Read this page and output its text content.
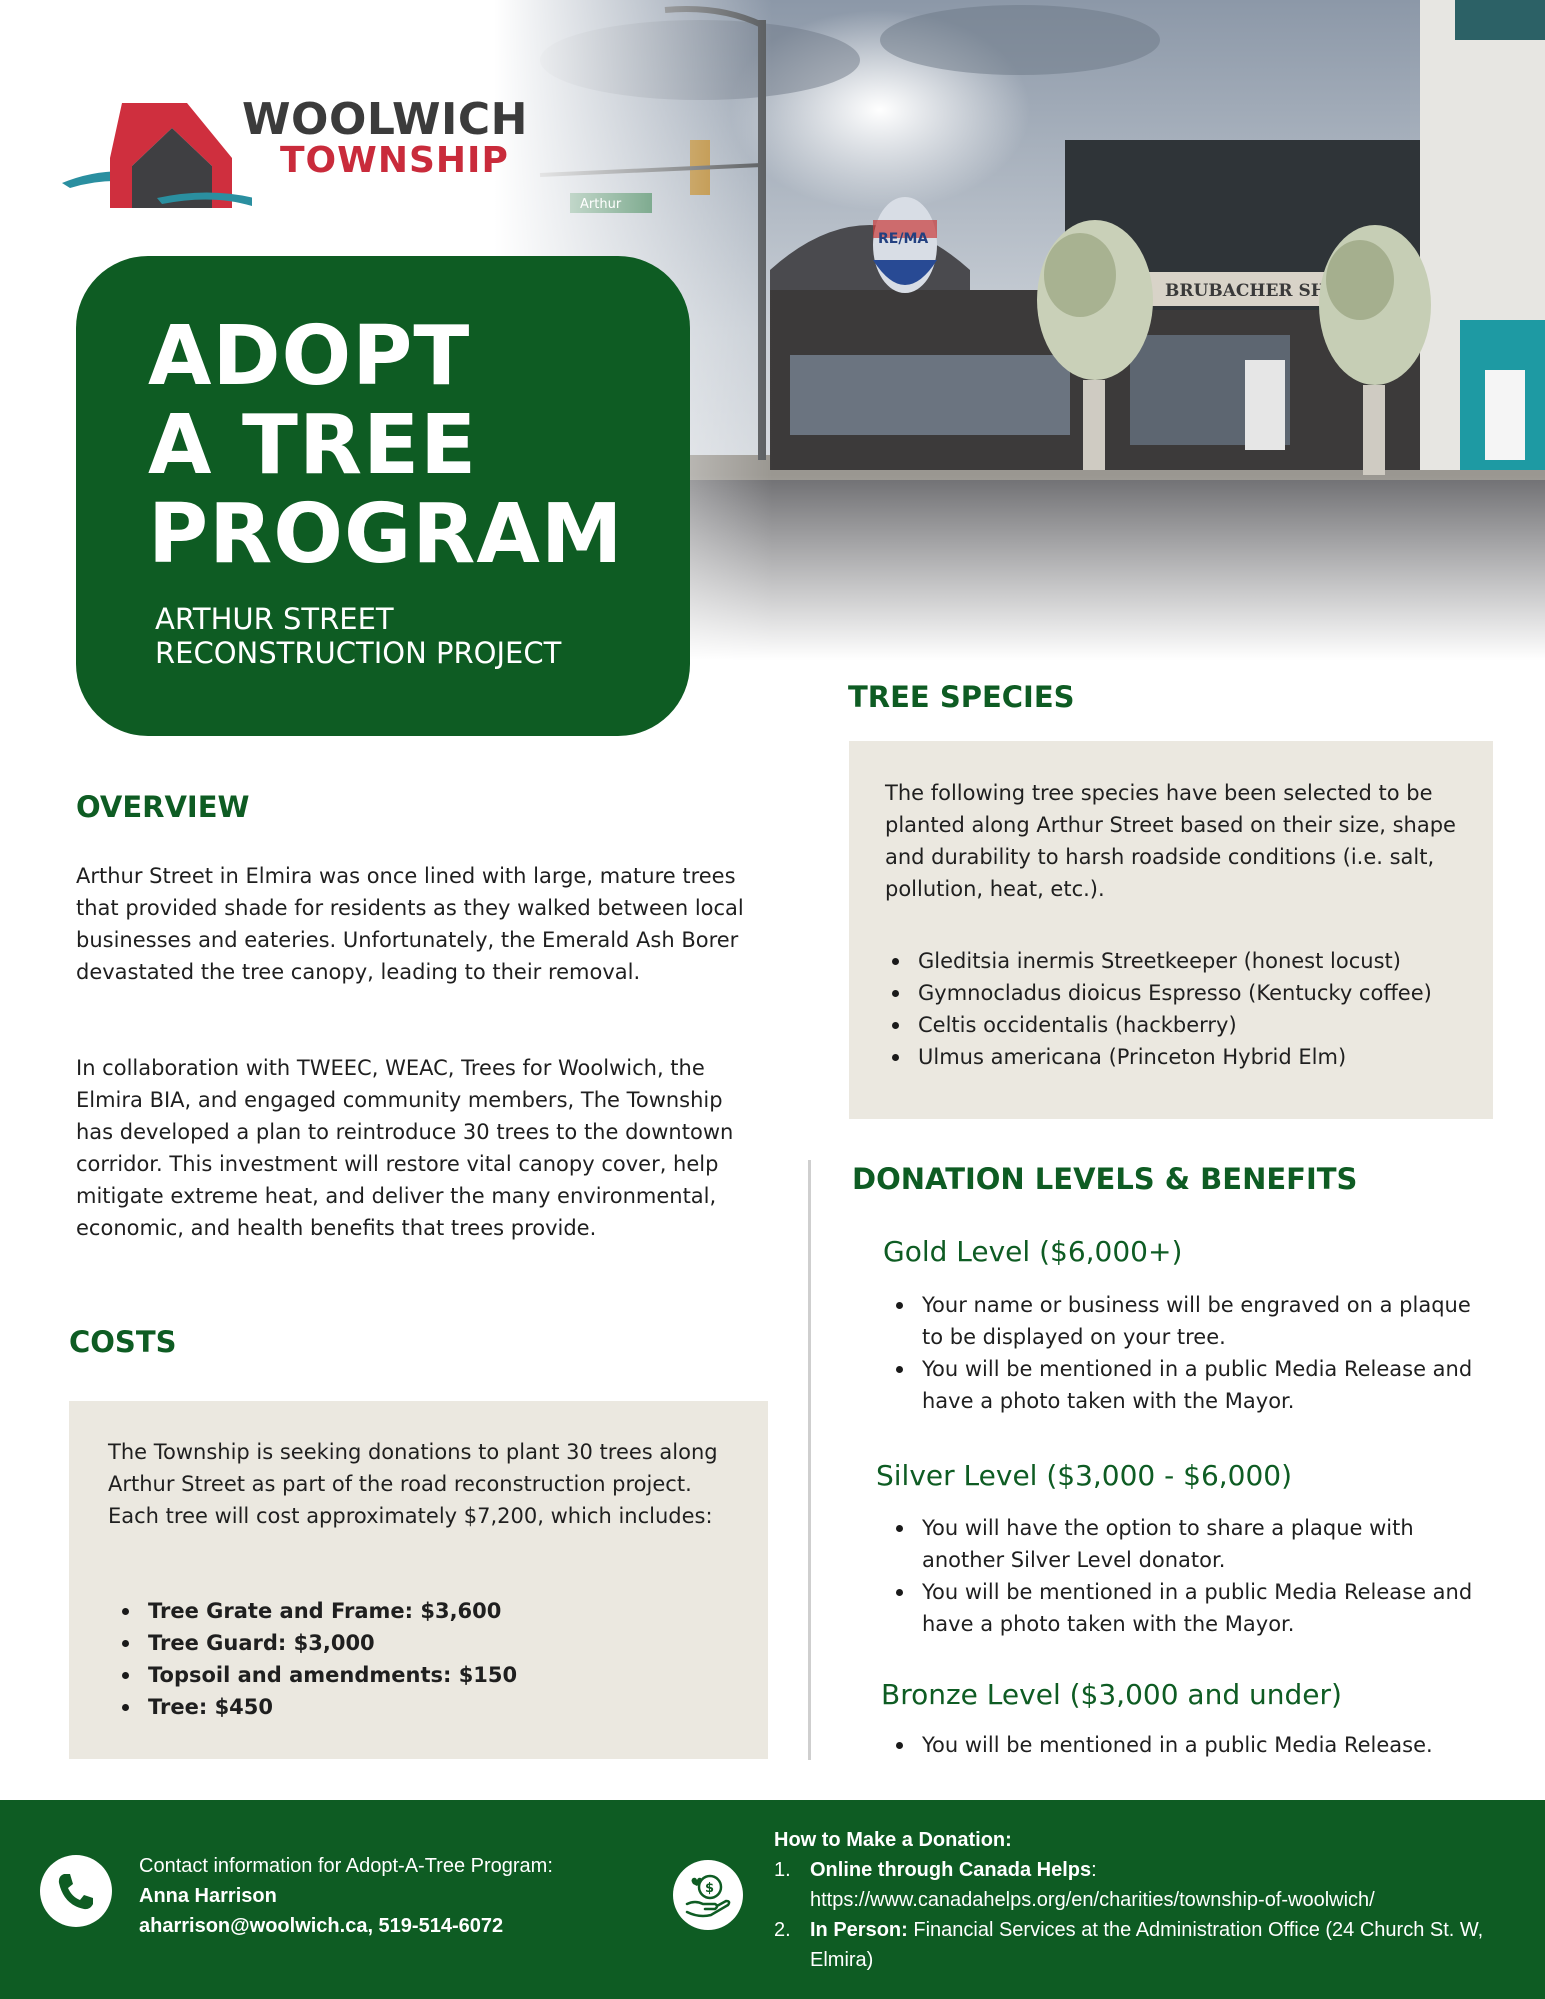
WOOLWICH
TOWNSHIP
ADOPT
A TREE
PROGRAM
ARTHUR STREET
RECONSTRUCTION PROJECT
OVERVIEW
Arthur Street in Elmira was once lined with large, mature trees that provided shade for residents as they walked between local businesses and eateries. Unfortunately, the Emerald Ash Borer devastated the tree canopy, leading to their removal.
In collaboration with TWEEC, WEAC, Trees for Woolwich, the Elmira BIA, and engaged community members, The Township has developed a plan to reintroduce 30 trees to the downtown corridor. This investment will restore vital canopy cover, help mitigate extreme heat, and deliver the many environmental, economic, and health benefits that trees provide.
COSTS
The Township is seeking donations to plant 30 trees along Arthur Street as part of the road reconstruction project. Each tree will cost approximately $7,200, which includes:
Tree Grate and Frame: $3,600
Tree Guard: $3,000
Topsoil and amendments: $150
Tree: $450
TREE SPECIES
The following tree species have been selected to be planted along Arthur Street based on their size, shape and durability to harsh roadside conditions (i.e. salt, pollution, heat, etc.).
Gleditsia inermis Streetkeeper (honest locust)
Gymnocladus dioicus Espresso (Kentucky coffee)
Celtis occidentalis (hackberry)
Ulmus americana (Princeton Hybrid Elm)
DONATION LEVELS & BENEFITS
Gold Level ($6,000+)
Your name or business will be engraved on a plaque to be displayed on your tree.
You will be mentioned in a public Media Release and have a photo taken with the Mayor.
Silver Level ($3,000 - $6,000)
You will have the option to share a plaque with another Silver Level donator.
You will be mentioned in a public Media Release and have a photo taken with the Mayor.
Bronze Level ($3,000 and under)
You will be mentioned in a public Media Release.
Contact information for Adopt-A-Tree Program:
Anna Harrison
aharrison@woolwich.ca, 519-514-6072
$
How to Make a Donation:
1. Online through Canada Helps:
https://www.canadahelps.org/en/charities/township-of-woolwich/
2. In Person: Financial Services at the Administration Office (24 Church St. W, Elmira)
